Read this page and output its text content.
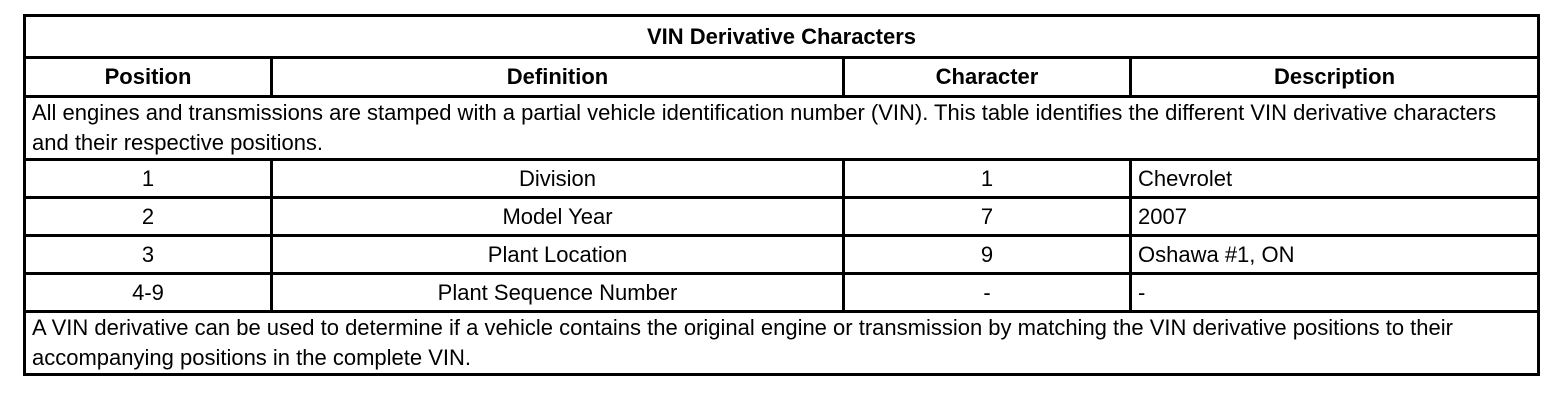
VIN Derivative Characters			
Position	Definition	Character	Description
All engines and transmissions are stamped with a partial vehicle identification number (VIN). This table identifies the different VIN derivative characters and their respective positions.			
1	Division	1	Chevrolet
2	Model Year	7	2007
3	Plant Location	9	Oshawa #1, ON
4-9	Plant Sequence Number	-	-
A VIN derivative can be used to determine if a vehicle contains the original engine or transmission by matching the VIN derivative positions to their accompanying positions in the complete VIN.			
